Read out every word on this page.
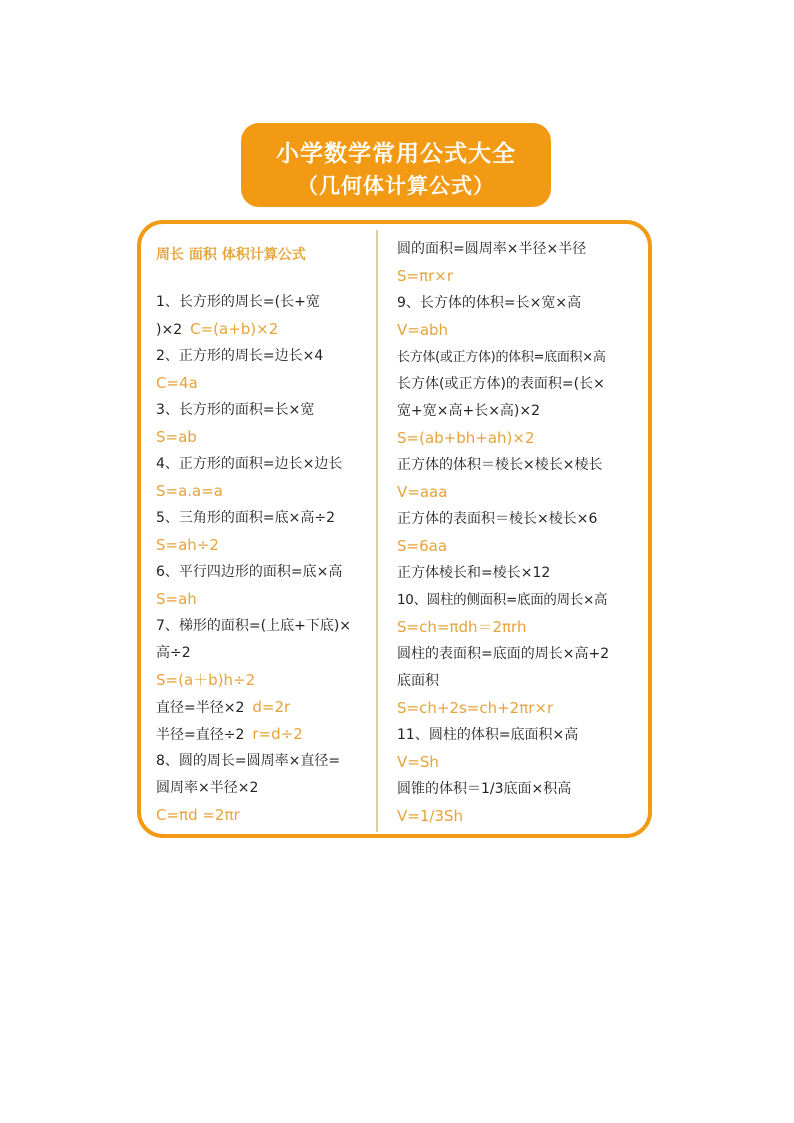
小学数学常用公式大全
（几何体计算公式）
周长 面积 体积计算公式
1、长方形的周长=(长+宽
)×2 C=(a+b)×2
2、正方形的周长=边长×4
C=4a
3、长方形的面积=长×宽
S=ab
4、正方形的面积=边长×边长
S=a.a=a
5、三角形的面积=底×高÷2
S=ah÷2
6、平行四边形的面积=底×高
S=ah
7、梯形的面积=(上底+下底)×
高÷2
S=(a＋b)h÷2
直径=半径×2 d=2r
半径=直径÷2 r=d÷2
8、圆的周长=圆周率×直径=
圆周率×半径×2
C=πd =2πr
圆的面积=圆周率×半径×半径
S=πr×r
9、长方体的体积=长×宽×高
V=abh
长方体(或正方体)的体积=底面积×高
长方体(或正方体)的表面积=(长×
宽+宽×高+长×高)×2
S=(ab+bh+ah)×2
正方体的体积＝棱长×棱长×棱长
V=aaa
正方体的表面积＝棱长×棱长×6
S=6aa
正方体棱长和=棱长×12
10、圆柱的侧面积=底面的周长×高
S=ch=πdh＝2πrh
圆柱的表面积=底面的周长×高+2
底面积
S=ch+2s=ch+2πr×r
11、圆柱的体积=底面积×高
V=Sh
圆锥的体积＝1/3底面×积高
V=1/3Sh
